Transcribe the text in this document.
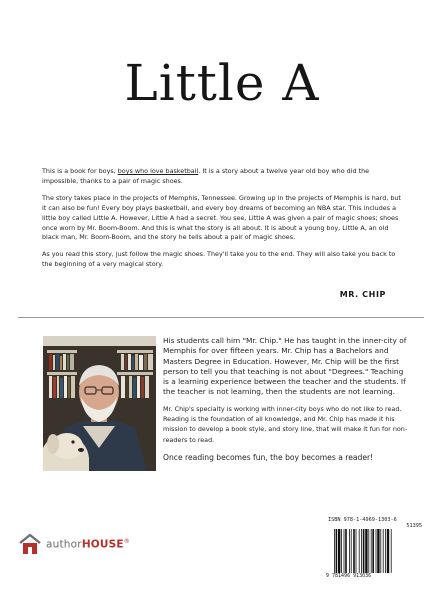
Little A

This is a book for boys, boys who love basketball. It is a story about a twelve year old boy who did the impossible, thanks to a pair of magic shoes.

The story takes place in the projects of Memphis, Tennessee. Growing up in the projects of Memphis is hard, but it can also be fun! Every boy plays basketball, and every boy dreams of becoming an NBA star. This includes a little boy called Little A. However, Little A had a secret. You see, Little A was given a pair of magic shoes; shoes once worn by Mr. Boom-Boom. And this is what the story is all about. It is about a young boy, Little A, an old black man, Mr. Boom-Boom, and the story he tells about a pair of magic shoes.

As you read this story, just follow the magic shoes. They'll take you to the end. They will also take you back to the beginning of a very magical story.

MR. CHIP

His students call him "Mr. Chip." He has taught in the inner-city of Memphis for over fifteen years. Mr. Chip has a Bachelors and Masters Degree in Education. However, Mr. Chip will be the first person to tell you that teaching is not about "Degrees." Teaching is a learning experience between the teacher and the students. If the teacher is not learning, then the students are not learning.

Mr. Chip's specialty is working with inner-city boys who do not like to read. Reading is the foundation of all knowledge, and Mr. Chip has made it his mission to develop a book style, and story line, that will make it fun for non-readers to read.

Once reading becomes fun, the boy becomes a reader!

authorHOUSE®
ISBN 978-1-4969-1303-6
51395
9 781496 913036
